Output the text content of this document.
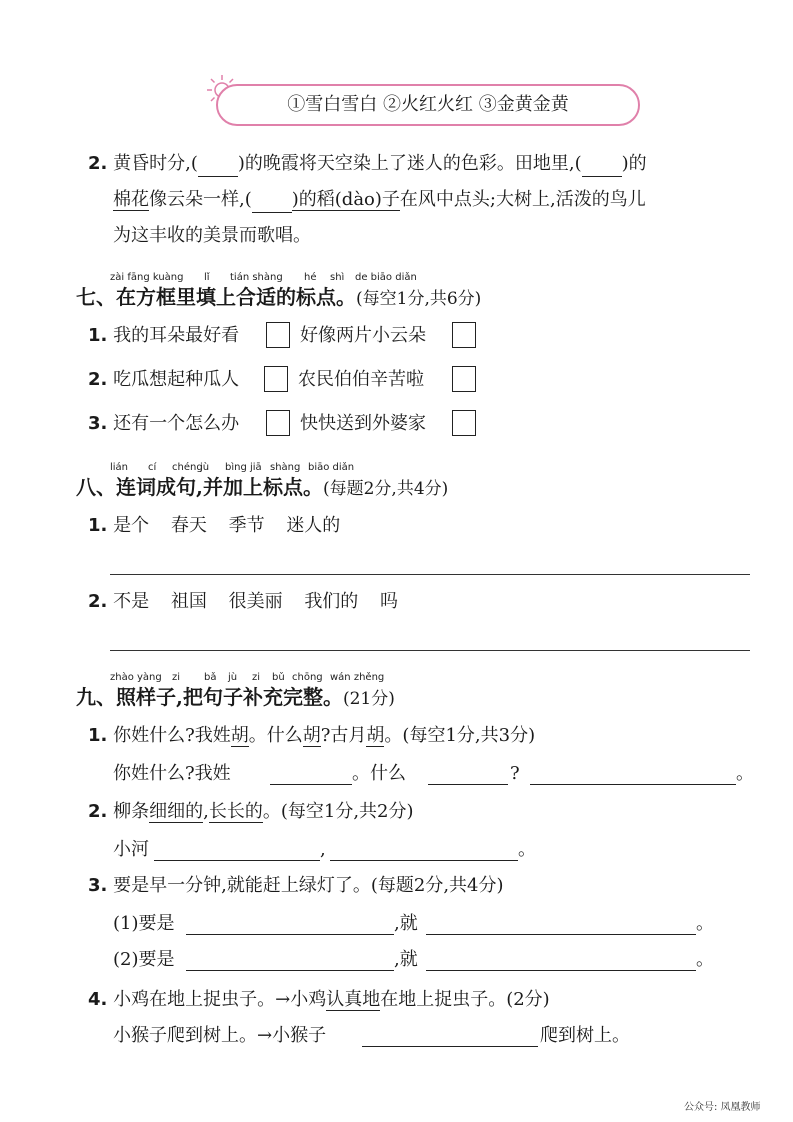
①雪白雪白 ②火红火红 ③金黄金黄
2. 黄昏时分,( )的晚霞将天空染上了迷人的色彩。田地里,( )的
棉花像云朵一样,( )的稻(dào)子在风中点头;大树上,活泼的鸟儿
为这丰收的美景而歌唱。
zài fāng kuàng lǐ tián shàng hé shì de biāo diǎn
七、在方框里填上合适的标点。(每空1分,共6分)
1. 我的耳朵最好看	好像两片小云朵
2. 吃瓜想起种瓜人	农民伯伯辛苦啦
3. 还有一个怎么办	快快送到外婆家
lián cí chéng
jù bìng jiā shàng biāo diǎn
八、连词成句,并加上标点。(每题2分,共4分)
1. 是个 春天 季节 迷人的
2. 不是 祖国 很美丽 我们的 吗
zhào yàng zi bǎ jù zi bǔ chōng wán zhěng
九、照样子,把句子补充完整。(21分)
1. 你姓什么?我姓胡。什么胡?古月胡。(每空1分,共3分)
你姓什么?我姓	。什么	?	。
2. 柳条细细的,长长的。(每空1分,共2分)
小河	,	。
3. 要是早一分钟,就能赶上绿灯了。(每题2分,共4分)
(1)要是	,就	。
(2)要是	,就	。
4. 小鸡在地上捉虫子。→小鸡认真地在地上捉虫子。(2分)
小猴子爬到树上。→小猴子	爬到树上。
公众号: 凤凰教师
